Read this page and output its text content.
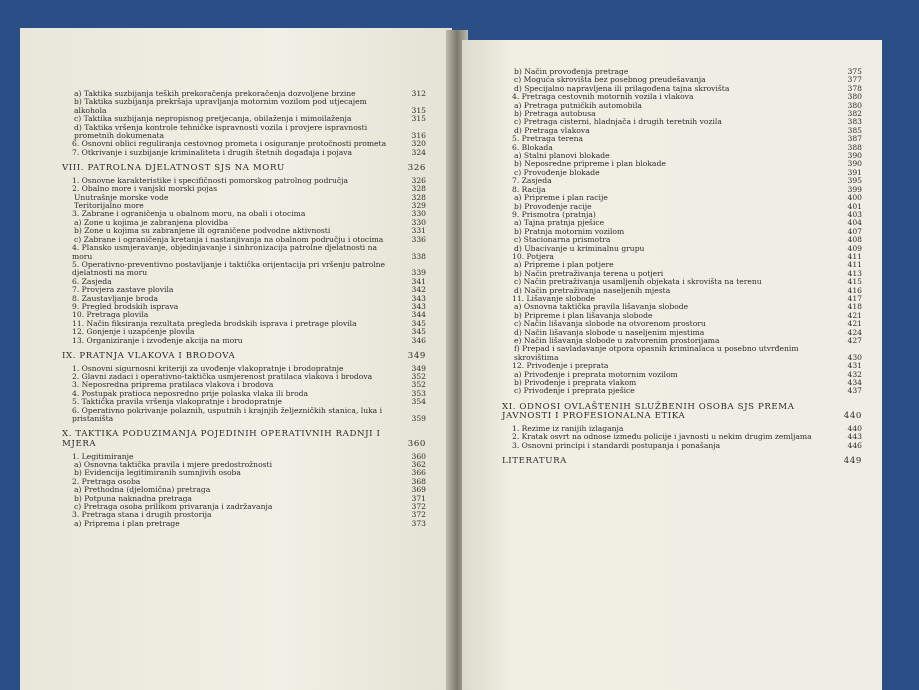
a) Taktika suzbijanja teških prekoračenja prekoračenja dozvoljene brzine	312
b) Taktika suzbijanja prekršaja upravljanja motornim vozilom pod utjecajem alkohola	315
c) Taktika suzbijanja nepropisnog pretjecanja, obilaženja i mimoilaženja	315
d) Taktika vršenja kontrole tehničke ispravnosti vozila i provjere ispravnosti prometnih dokumenata	316
6. Osnovni oblici reguliranja cestovnog prometa i osiguranje protočnosti prometa	320
7. Otkrivanje i suzbijanje kriminaliteta i drugih štetnih događaja i pojava	324
VIII. PATROLNA DJELATNOST SJS NA MORU	326
1. Osnovne karakteristike i specifičnosti pomorskog patrolnog područja	326
2. Obalno more i vanjski morski pojas	328
Unutrašnje morske vode	328
Teritorijalno more	329
3. Zabrane i ograničenja u obalnom moru, na obali i otocima	330
a) Zone u kojima je zabranjena plovidba	330
b) Zone u kojima su zabranjene ili ograničene podvodne aktivnosti	331
c) Zabrane i ograničenja kretanja i nastanjivanja na obalnom području i otocima	336
4. Plansko usmjeravanje, objedinjavanje i sinhronizacija patrolne djelatnosti na moru	338
5. Operativno-preventivno postavljanje i taktička orijentacija pri vršenju patrolne djelatnosti na moru	339
6. Zasjeda	341
7. Provjera zastave plovila	342
8. Zaustavljanje broda	343
9. Pregled brodskih isprava	343
10. Pretraga plovila	344
11. Način fiksiranja rezultata pregleda brodskih isprava i pretrage plovila	345
12. Gonjenje i uzapćenje plovila	345
13. Organiziranje i izvođenje akcija na moru	346
IX. PRATNJA VLAKOVA I BRODOVA	349
1. Osnovni sigurnosni kriteriji za uvođenje vlakopratnje i brodopratnje	349
2. Glavni zadaci i operativno-taktička usmjerenost pratilaca vlakova i brodova	352
3. Neposredna priprema pratilaca vlakova i brodova	352
4. Postupak pratioca neposredno prije polaska vlaka ili broda	353
5. Taktička pravila vršenja vlakopratnje i brodopratnje	354
6. Operativno pokrivanje polaznih, usputnih i krajnjih željezničkih stanica, luka i pristaništa	359
X. TAKTIKA PODUZIMANJA POJEDINIH OPERATIVNIH RADNJI I MJERA	360
1. Legitimiranje	360
a) Osnovna taktička pravila i mjere predostrožnosti	362
b) Evidencija legitimiranih sumnjivih osoba	366
2. Pretraga osoba	368
a) Prethodna (djelomična) pretraga	369
b) Potpuna naknadna pretraga	371
c) Pretraga osoba prilikom privaranja i zadržavanja	372
3. Pretraga stana i drugih prostorija	372
a) Priprema i plan pretrage	373
b) Način provođenja pretrage	375
c) Moguća skrovišta bez posebnog preudešavanja	377
d) Specijalno napravljena ili prilagođena tajna skrovišta	378
4. Pretraga cestovnih motornih vozila i vlakova	380
a) Pretraga putničkih automobila	380
b) Pretraga autobusa	382
c) Pretraga cisterni, hladnjača i drugih teretnih vozila	383
d) Pretraga vlakova	385
5. Pretraga terena	387
6. Blokada	388
a) Stalni planovi blokade	390
b) Neposredne pripreme i plan blokade	390
c) Provođenje blokade	391
7. Zasjeda	395
8. Racija	399
a) Pripreme i plan racije	400
b) Provođenje racije	401
9. Prismotra (pratnja)	403
a) Tajna pratnja pješice	404
b) Pratnja motornim vozilom	407
c) Stacionarna prismotra	408
d) Ubacivanje u kriminalnu grupu	409
10. Potjera	411
a) Pripreme i plan potjere	411
b) Način pretraživanja terena u potjeri	413
c) Način pretraživanja usamljenih objekata i skrovišta na terenu	415
d) Način pretraživanja naseljenih mjesta	416
11. Lišavanje slobode	417
a) Osnovna taktička pravila lišavanja slobode	418
b) Pripreme i plan lišavanja slobode	421
c) Način lišavanja slobode na otvorenom prostoru	421
d) Način lišavanja slobode u naseljenim mjestima	424
e) Način lišavanja slobode u zatvorenim prostorijama	427
f) Prepad i savladavanje otpora opasnih kriminalaca u posebno utvrđenim skrovištima	430
12. Privođenje i preprata	431
a) Privođenje i preprata motornim vozilom	432
b) Privođenje i preprata vlakom	434
c) Privođenje i preprata pješice	437
XI. ODNOSI OVLAŠTENIH SLUŽBENIH OSOBA SJS PREMA JAVNOSTI I PROFESIONALNA ETIKA	440
1. Rezime iz ranijih izlaganja	440
2. Kratak osvrt na odnose između policije i javnosti u nekim drugim zemljama	443
3. Osnovni principi i standardi postupanja i ponašanja	446
LITERATURA	449
